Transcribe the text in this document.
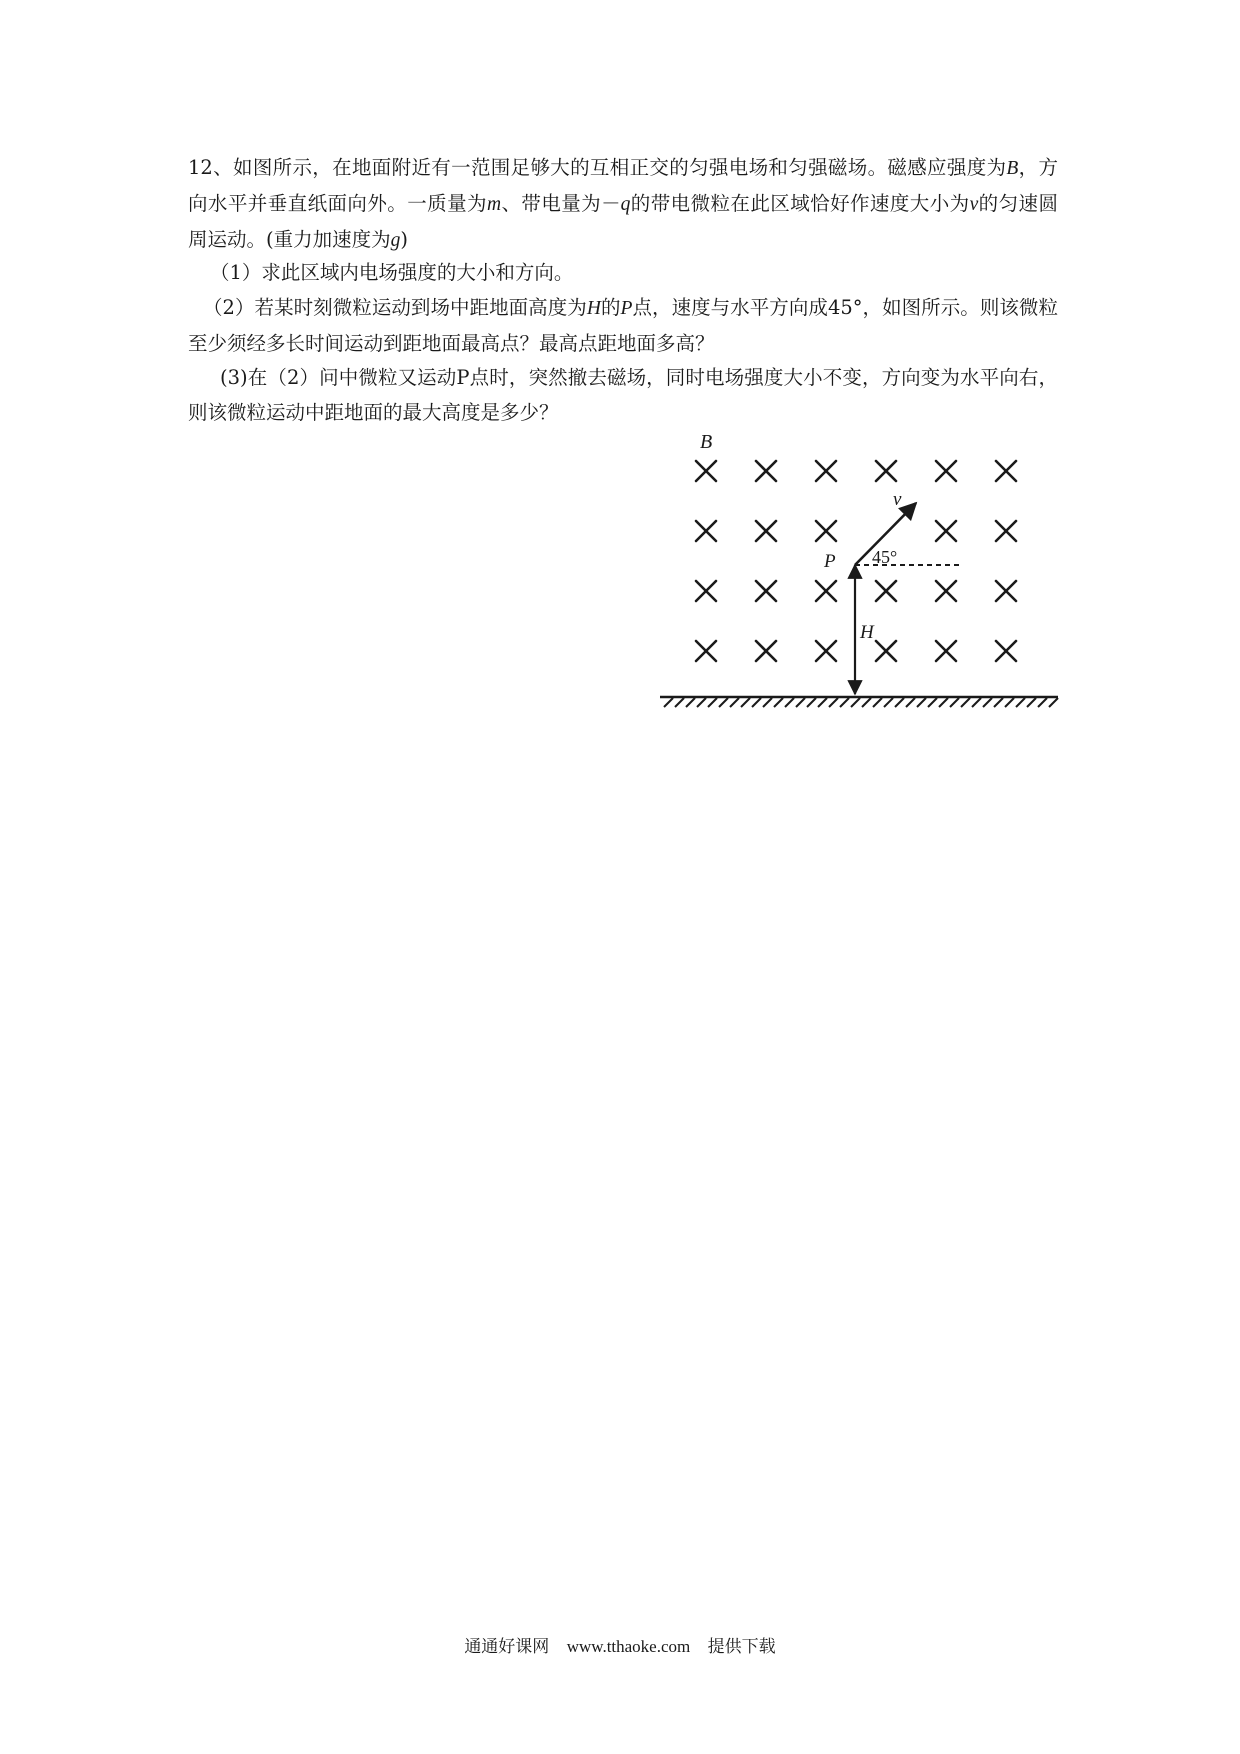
12、如图所示，在地面附近有一范围足够大的互相正交的匀强电场和匀强磁场。磁感应强度为B，方向水平并垂直纸面向外。一质量为m、带电量为－q的带电微粒在此区域恰好作速度大小为v的匀速圆周运动。(重力加速度为g)

（1）求此区域内电场强度的大小和方向。

（2）若某时刻微粒运动到场中距地面高度为H的P点，速度与水平方向成45°，如图所示。则该微粒至少须经多长时间运动到距地面最高点？最高点距地面多高？

(3)在（2）问中微粒又运动P点时，突然撤去磁场，同时电场强度大小不变，方向变为水平向右，则该微粒运动中距地面的最大高度是多少？

B
v
P 45°
H
通通好课网 www.tthaoke.com 提供下载
